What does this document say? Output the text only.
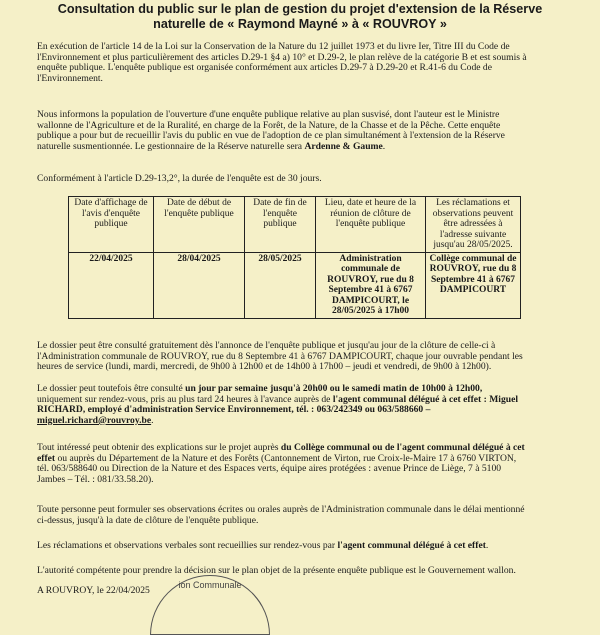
Consultation du public sur le plan de gestion du projet d'extension de la Réserve
naturelle de « Raymond Mayné » à « ROUVROY »
En exécution de l'article 14 de la Loi sur la Conservation de la Nature du 12 juillet 1973 et du livre Ier, Titre III du Code de
l'Environnement et plus particulièrement des articles D.29-1 §4 a) 10° et D.29-2, le plan relève de la catégorie B et est soumis à
enquête publique. L'enquête publique est organisée conformément aux articles D.29-7 à D.29-20 et R.41-6 du Code de
l'Environnement.
Nous informons la population de l'ouverture d'une enquête publique relative au plan susvisé, dont l'auteur est le Ministre
wallonne de l'Agriculture et de la Ruralité, en charge de la Forêt, de la Nature, de la Chasse et de la Pêche. Cette enquête
publique a pour but de recueillir l'avis du public en vue de l'adoption de ce plan simultanément à l'extension de la Réserve
naturelle susmentionnée. Le gestionnaire de la Réserve naturelle sera Ardenne & Gaume.
Conformément à l'article D.29-13,2°, la durée de l'enquête est de 30 jours.
Date d'affichage de l'avis d'enquête publique	Date de début de l'enquête publique	Date de fin de l'enquête publique	Lieu, date et heure de la réunion de clôture de l'enquête publique	Les réclamations et observations peuvent être adressées à l'adresse suivante jusqu'au 28/05/2025.
22/04/2025	28/04/2025	28/05/2025	Administration communale de ROUVROY, rue du 8 Septembre 41 à 6767 DAMPICOURT, le 28/05/2025 à 17h00	Collège communal de ROUVROY, rue du 8 Septembre 41 à 6767 DAMPICOURT
Le dossier peut être consulté gratuitement dès l'annonce de l'enquête publique et jusqu'au jour de la clôture de celle-ci à
l'Administration communale de ROUVROY, rue du 8 Septembre 41 à 6767 DAMPICOURT, chaque jour ouvrable pendant les
heures de service (lundi, mardi, mercredi, de 9h00 à 12h00 et de 14h00 à 17h00 – jeudi et vendredi, de 9h00 à 12h00).
Le dossier peut toutefois être consulté un jour par semaine jusqu'à 20h00 ou le samedi matin de 10h00 à 12h00,
uniquement sur rendez-vous, pris au plus tard 24 heures à l'avance auprès de l'agent communal délégué à cet effet : Miguel
RICHARD, employé d'administration Service Environnement, tél. : 063/242349 ou 063/588660 –
miguel.richard@rouvroy.be.
Tout intéressé peut obtenir des explications sur le projet auprès du Collège communal ou de l'agent communal délégué à cet
effet ou auprès du Département de la Nature et des Forêts (Cantonnement de Virton, rue Croix-le-Maire 17 à 6760 VIRTON,
tél. 063/588640 ou Direction de la Nature et des Espaces verts, équipe aires protégées : avenue Prince de Liège, 7 à 5100
Jambes – Tél. : 081/33.58.20).
Toute personne peut formuler ses observations écrites ou orales auprès de l'Administration communale dans le délai mentionné
ci-dessus, jusqu'à la date de clôture de l'enquête publique.
Les réclamations et observations verbales sont recueillies sur rendez-vous par l'agent communal délégué à cet effet.
L'autorité compétente pour prendre la décision sur le plan objet de la présente enquête publique est le Gouvernement wallon.
A ROUVROY, le 22/04/2025	ion Communale
